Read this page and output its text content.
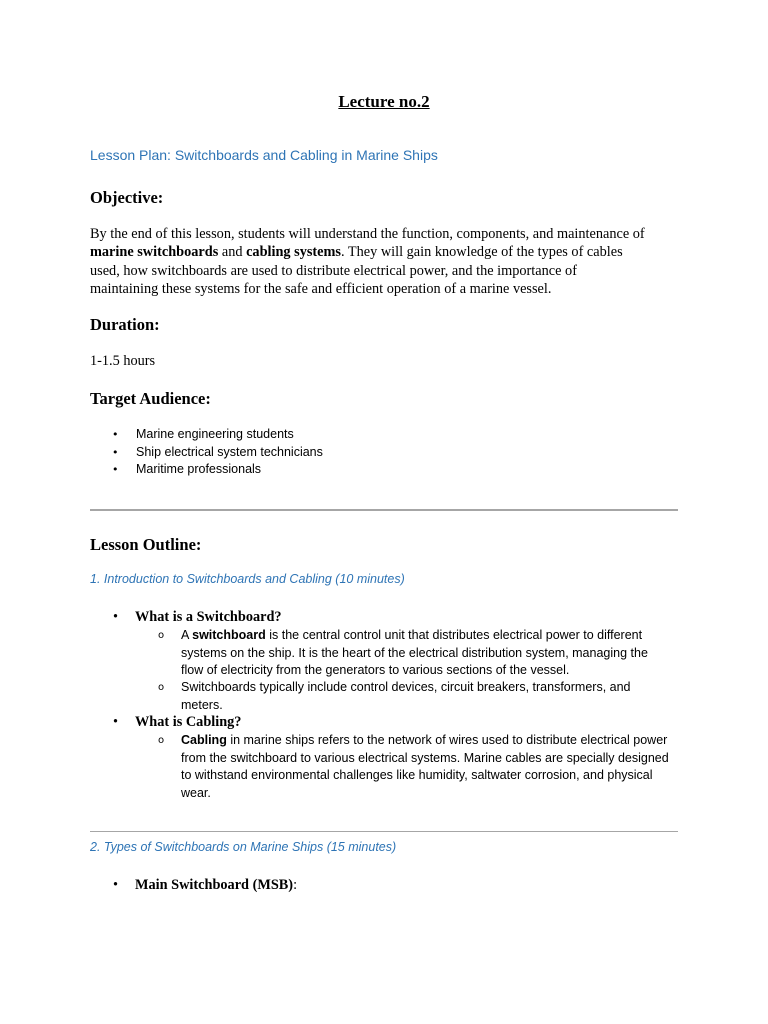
Lecture no.2
Lesson Plan: Switchboards and Cabling in Marine Ships
Objective:
By the end of this lesson, students will understand the function, components, and maintenance of
marine switchboards and cabling systems. They will gain knowledge of the types of cables
used, how switchboards are used to distribute electrical power, and the importance of
maintaining these systems for the safe and efficient operation of a marine vessel.
Duration:
1-1.5 hours
Target Audience:
• Marine engineering students
• Ship electrical system technicians
• Maritime professionals
Lesson Outline:
1. Introduction to Switchboards and Cabling (10 minutes)
• What is a Switchboard?
o A switchboard is the central control unit that distributes electrical power to different
systems on the ship. It is the heart of the electrical distribution system, managing the
flow of electricity from the generators to various sections of the vessel.
o Switchboards typically include control devices, circuit breakers, transformers, and
meters.
• What is Cabling?
o Cabling in marine ships refers to the network of wires used to distribute electrical power
from the switchboard to various electrical systems. Marine cables are specially designed
to withstand environmental challenges like humidity, saltwater corrosion, and physical
wear.
2. Types of Switchboards on Marine Ships (15 minutes)
• Main Switchboard (MSB):
